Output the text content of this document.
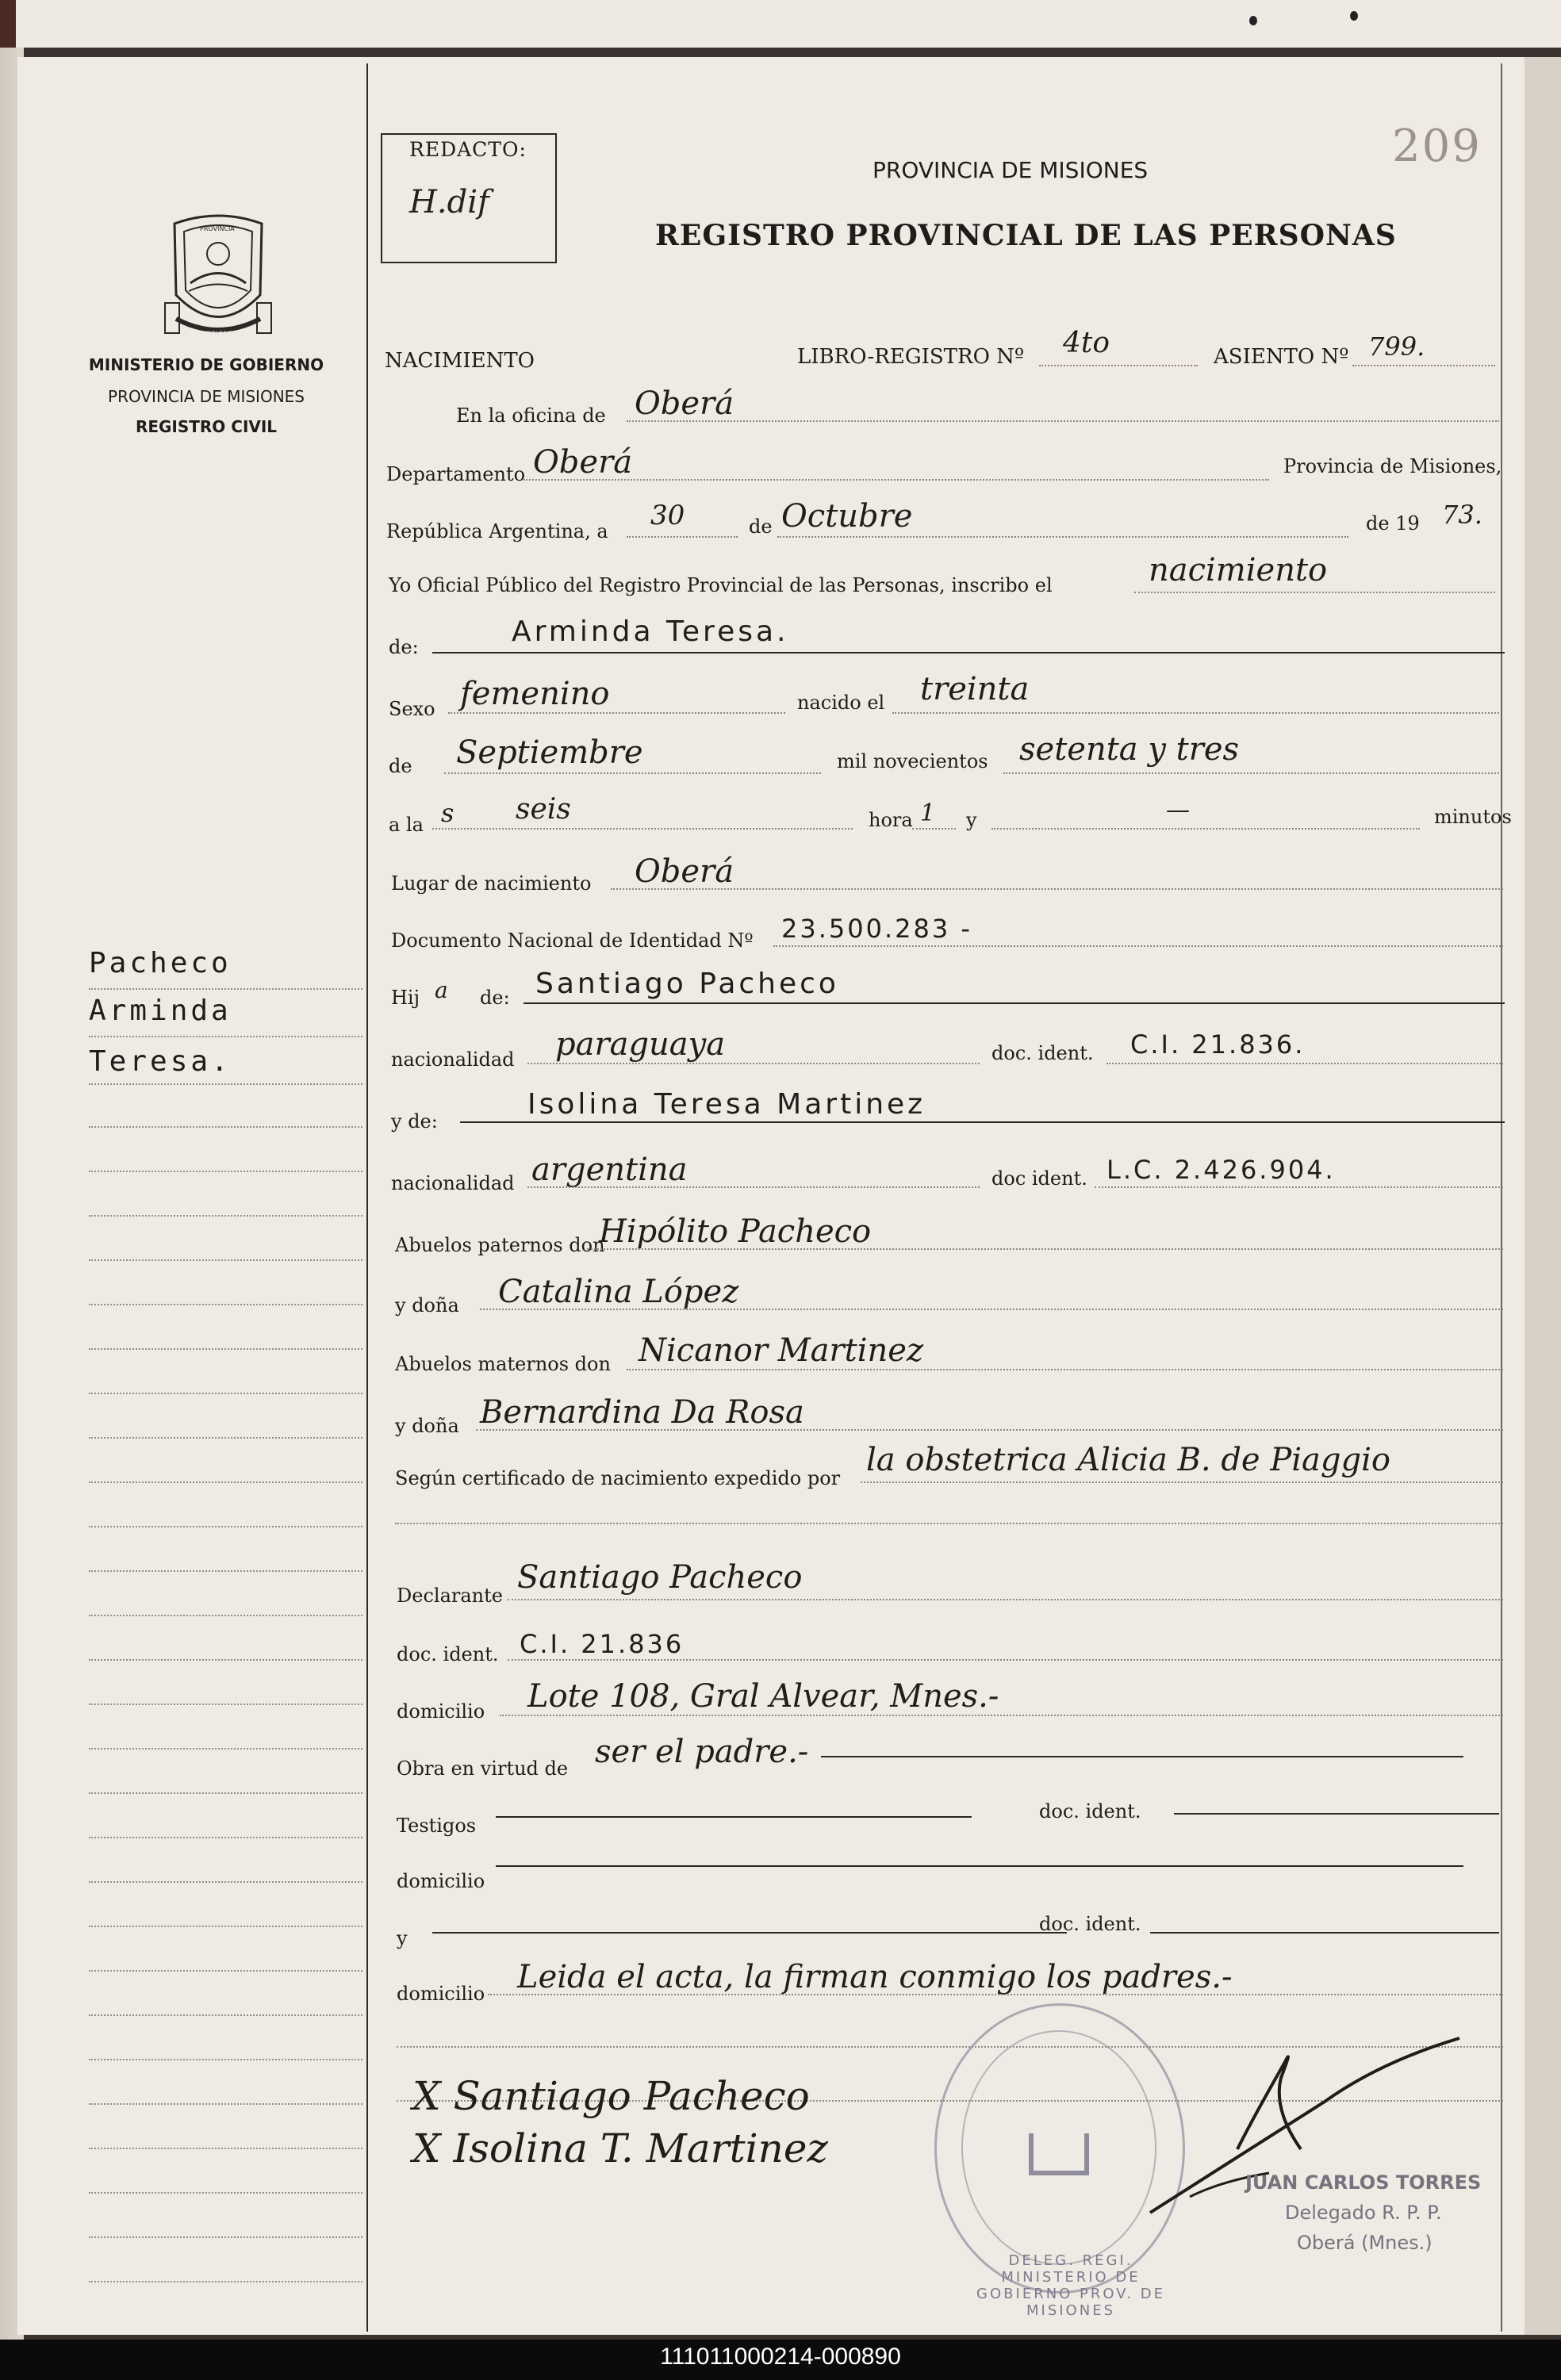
REDACTO:
H.dif
209
PROVINCIA DE MISIONES
REGISTRO PROVINCIAL DE LAS PERSONAS
PROVINCIA
MISIONES
MINISTERIO DE GOBIERNO
PROVINCIA DE MISIONES
REGISTRO CIVIL
Pacheco
Arminda
Teresa.
NACIMIENTO	LIBRO-REGISTRO Nº 4to	ASIENTO Nº 799.
En la oficina de Oberá
Departamento Oberá	Provincia de Misiones,
República Argentina, a 30	de Octubre	de 19 73.
Yo Oficial Público del Registro Provincial de las Personas, inscribo el	nacimiento
de:	Arminda Teresa.
Sexo femenino	nacido el treinta
de Septiembre	mil novecientos setenta y tres
a la s seis	hora 1 y	—	minutos
Lugar de nacimiento Oberá
Documento Nacional de Identidad Nº 23.500.283 -
Hij a de: Santiago Pacheco
nacionalidad paraguaya	doc. ident. C.I. 21.836.
y de:
Isolina Teresa Martinez
nacionalidad argentina	doc ident. L.C. 2.426.904.
Abuelos paternos don
Hipólito Pacheco
y doña Catalina López
Abuelos maternos don Nicanor Martinez
y doña Bernardina Da Rosa
Según certificado de nacimiento expedido por la obstetrica Alicia B. de Piaggio
Declarante Santiago Pacheco
doc. ident. C.I. 21.836
domicilio Lote 108, Gral Alvear, Mnes.-
Obra en virtud de ser el padre.-
Testigos
doc. ident.
domicilio
y
doc. ident.
domicilio Leida el acta, la firman conmigo los padres.-
X Santiago Pacheco
X Isolina T. Martinez
DELEG. REGI. MINISTERIO DE GOBIERNO PROV. DE MISIONES
JUAN CARLOS TORRES
Delegado R. P. P.
Oberá (Mnes.)
111011000214-000890
